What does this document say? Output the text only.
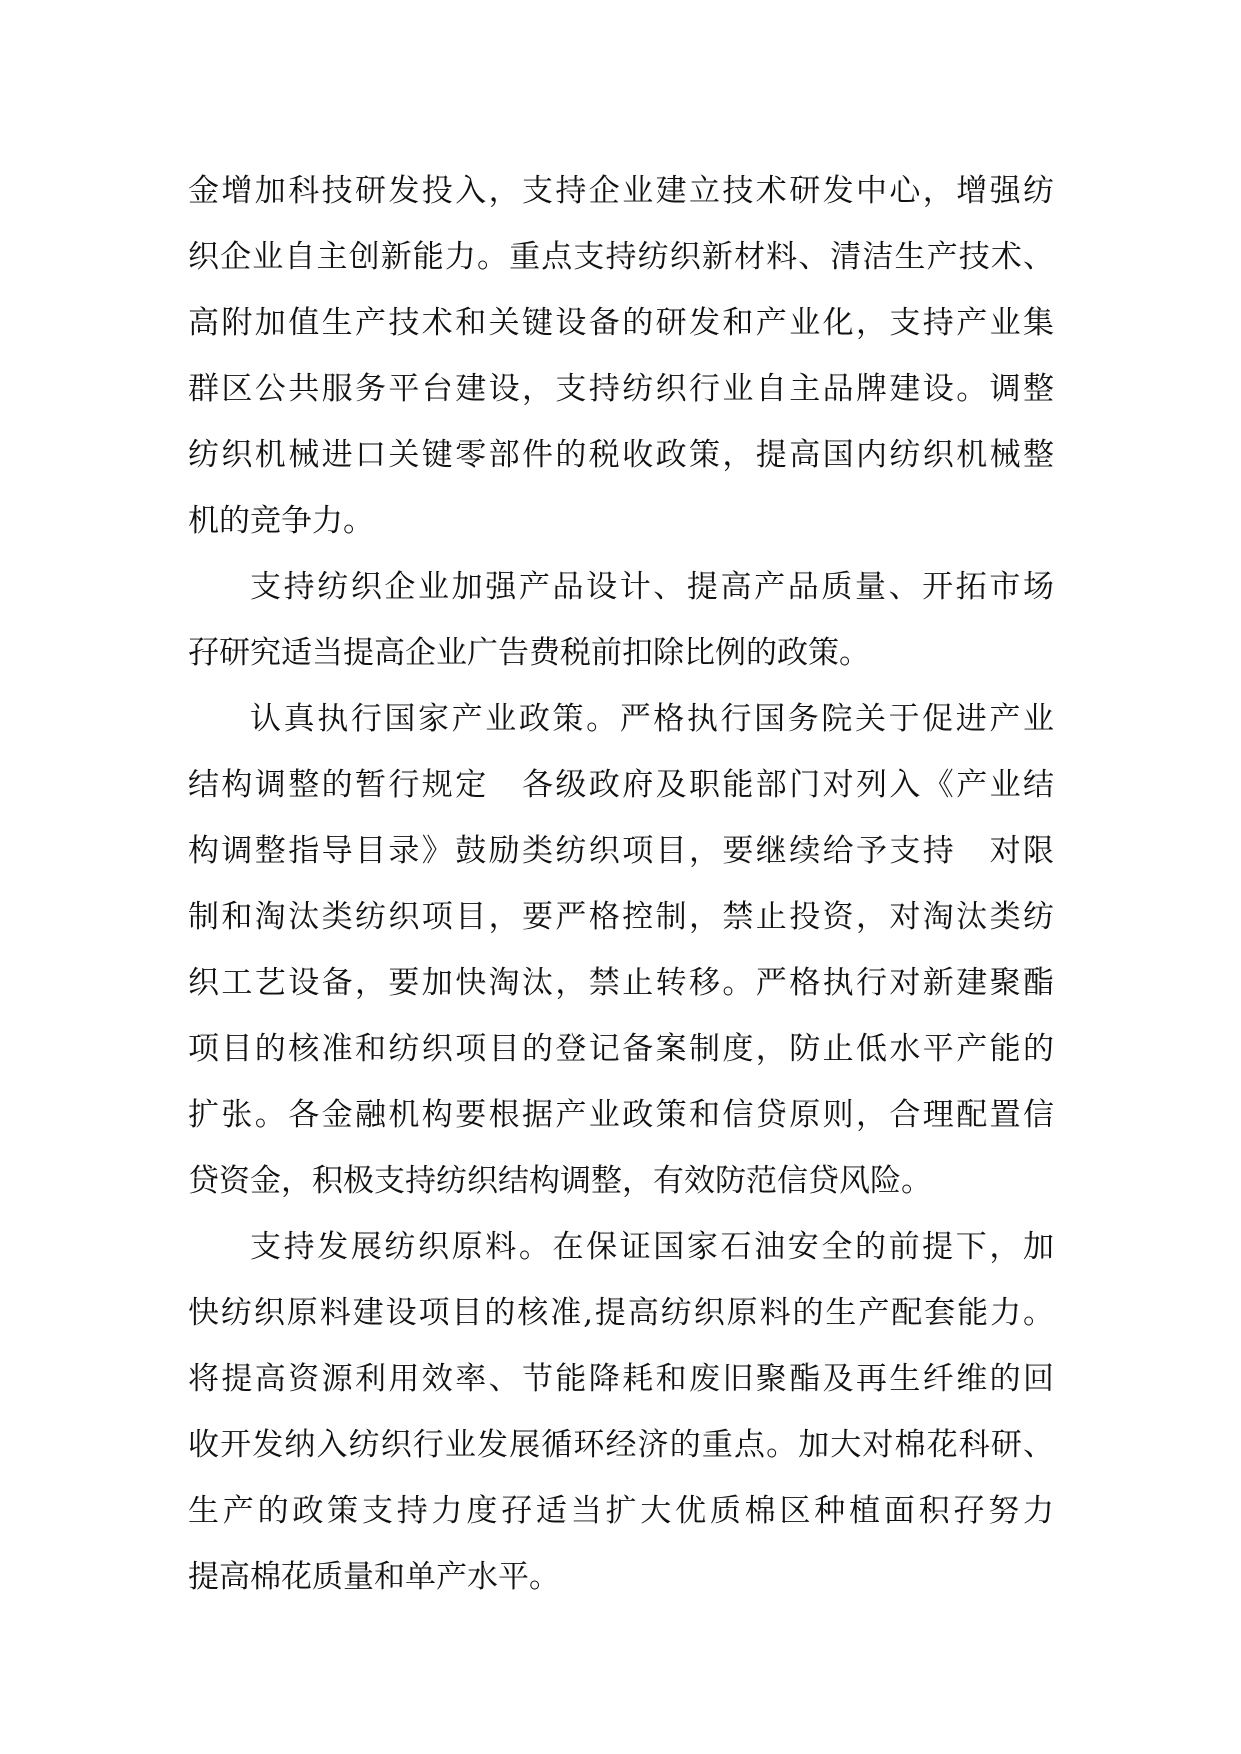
金增加科技研发投入，支持企业建立技术研发中心，增强纺
织企业自主创新能力。重点支持纺织新材料、清洁生产技术、
高附加值生产技术和关键设备的研发和产业化，支持产业集
群区公共服务平台建设，支持纺织行业自主品牌建设。调整
纺织机械进口关键零部件的税收政策，提高国内纺织机械整
机的竞争力。
支持纺织企业加强产品设计、提高产品质量、开拓市场
孖研究适当提高企业广告费税前扣除比例的政策。
认真执行国家产业政策。严格执行国务院关于促进产业
结构调整的暂行规定　各级政府及职能部门对列入《产业结
构调整指导目录》鼓励类纺织项目，要继续给予支持　对限
制和淘汰类纺织项目，要严格控制，禁止投资，对淘汰类纺
织工艺设备，要加快淘汰，禁止转移。严格执行对新建聚酯
项目的核准和纺织项目的登记备案制度，防止低水平产能的
扩张。各金融机构要根据产业政策和信贷原则，合理配置信
贷资金，积极支持纺织结构调整，有效防范信贷风险。
支持发展纺织原料。在保证国家石油安全的前提下，加
快纺织原料建设项目的核准,提高纺织原料的生产配套能力。
将提高资源利用效率、节能降耗和废旧聚酯及再生纤维的回
收开发纳入纺织行业发展循环经济的重点。加大对棉花科研、
生产的政策支持力度孖适当扩大优质棉区种植面积孖努力
提高棉花质量和单产水平。
